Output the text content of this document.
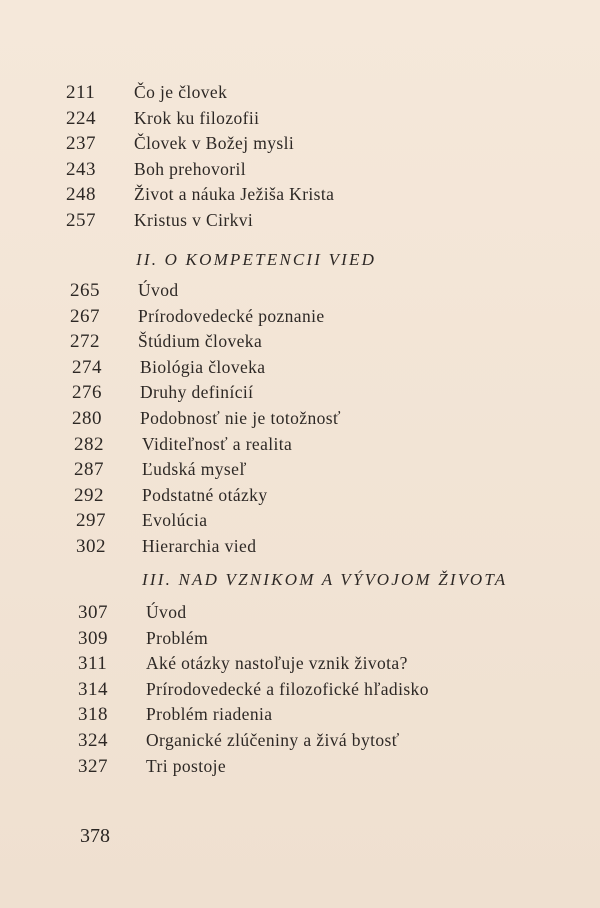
211	Čo je človek
224	Krok ku filozofii
237	Človek v Božej mysli
243	Boh prehovoril
248	Život a náuka Ježiša Krista
257	Kristus v Cirkvi
II. O KOMPETENCII VIED
265	Úvod
267	Prírodovedecké poznanie
272	Štúdium človeka
274	Biológia človeka
276	Druhy definícií
280	Podobnosť nie je totožnosť
282	Viditeľnosť a realita
287	Ľudská myseľ
292	Podstatné otázky
297	Evolúcia
302	Hierarchia vied
III. NAD VZNIKOM A VÝVOJOM ŽIVOTA
307	Úvod
309	Problém
311	Aké otázky nastoľuje vznik života?
314	Prírodovedecké a filozofické hľadisko
318	Problém riadenia
324	Organické zlúčeniny a živá bytosť
327	Tri postoje
378
